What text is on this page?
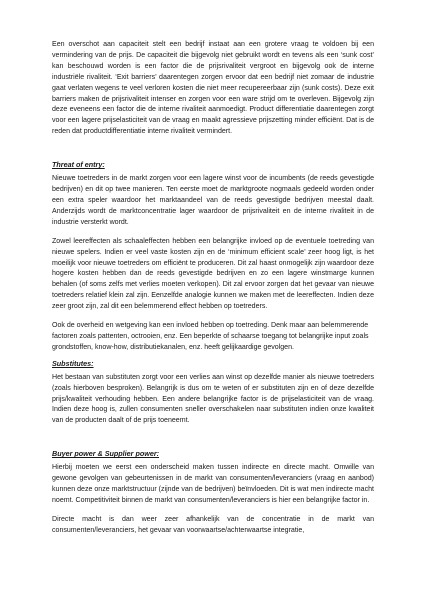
Een overschot aan capaciteit stelt een bedrijf instaat aan een grotere vraag te voldoen bij een vermindering van de prijs. De capaciteit die bijgevolg niet gebruikt wordt en tevens als een ‘sunk cost’ kan beschouwd worden is een factor die de prijsrivaliteit vergroot en bijgevolg ook de interne industriële rivaliteit. ‘Exit barriers’ daarentegen zorgen ervoor dat een bedrijf niet zomaar de industrie gaat verlaten wegens te veel verloren kosten die niet meer recupereerbaar zijn (sunk costs). Deze exit barriers maken de prijsrivaliteit intenser en zorgen voor een ware strijd om te overleven. Bijgevolg zijn deze eveneens een factor die de interne rivaliteit aanmoedigt. Product differentiatie daarentegen zorgt voor een lagere prijselasticiteit van de vraag en maakt agressieve prijszetting minder efficiënt. Dat is de reden dat productdifferentiatie interne rivaliteit vermindert.

Threat of entry:

Nieuwe toetreders in de markt zorgen voor een lagere winst voor de incumbents (de reeds gevestigde bedrijven) en dit op twee manieren. Ten eerste moet de marktgroote nogmaals gedeeld worden onder een extra speler waardoor het marktaandeel van de reeds gevestigde bedrijven meestal daalt. Anderzijds wordt de marktconcentratie lager waardoor de prijsrivaliteit en de interne rivaliteit in de industrie versterkt wordt.

Zowel leereffecten als schaaleffecten hebben een belangrijke invloed op de eventuele toetreding van nieuwe spelers. Indien er veel vaste kosten zijn en de ‘minimum efficient scale’ zeer hoog ligt, is het moeilijk voor nieuwe toetreders om efficiënt te produceren. Dit zal haast onmogelijk zijn waardoor deze hogere kosten hebben dan de reeds gevestigde bedrijven en zo een lagere winstmarge kunnen behalen (of soms zelfs met verlies moeten verkopen). Dit zal ervoor zorgen dat het gevaar van nieuwe toetreders relatief klein zal zijn. Eenzelfde analogie kunnen we maken met de leereffecten. Indien deze zeer groot zijn, zal dit een belemmerend effect hebben op toetreders.

Ook de overheid en wetgeving kan een invloed hebben op toetreding. Denk maar aan belemmerende factoren zoals pattenten, octrooien, enz. Een beperkte of schaarse toegang tot belangrijke input zoals grondstoffen, know-how, distributiekanalen, enz. heeft gelijkaardige gevolgen.

Substitutes:

Het bestaan van substituten zorgt voor een verlies aan winst op dezelfde manier als nieuwe toetreders (zoals hierboven besproken). Belangrijk is dus om te weten of er substituten zijn en of deze dezelfde prijs/kwaliteit verhouding hebben. Een andere belangrijke factor is de prijselasticiteit van de vraag. Indien deze hoog is, zullen consumenten sneller overschakelen naar substituten indien onze kwaliteit van de producten daalt of de prijs toeneemt.

Buyer power & Supplier power:

Hierbij moeten we eerst een onderscheid maken tussen indirecte en directe macht. Omwille van gewone gevolgen van gebeurtenissen in de markt van consumenten/leveranciers (vraag en aanbod) kunnen deze onze marktstructuur (zijnde van de bedrijven) beïnvloeden. Dit is wat men indirecte macht noemt. Competitiviteit binnen de markt van consumenten/leveranciers is hier een belangrijke factor in.

Directe macht is dan weer zeer afhankelijk van de concentratie in de markt van consumenten/leveranciers, het gevaar van voorwaartse/achterwaartse integratie,
